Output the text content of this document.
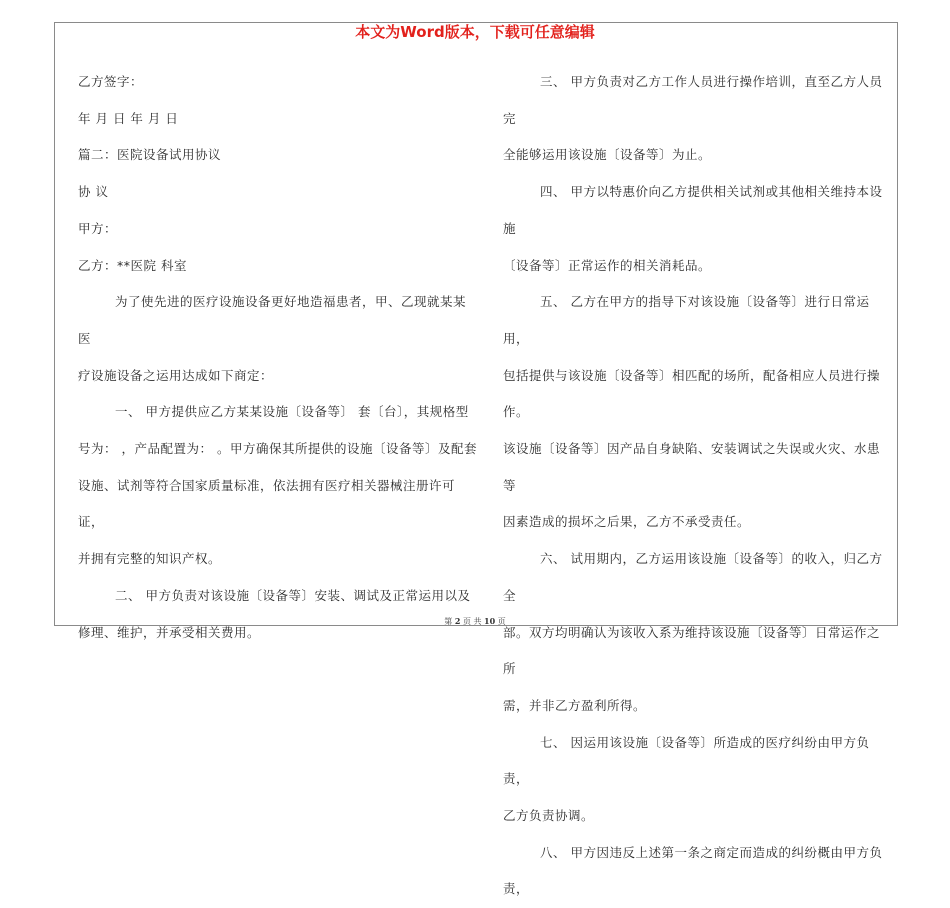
本文为Word版本，下载可任意编辑

乙方签字：

年 月 日 年 月 日

篇二：医院设备试用协议

协 议

甲方：

乙方：**医院 科室

为了使先进的医疗设施设备更好地造福患者，甲、乙现就某某医

疗设施设备之运用达成如下商定：

一、 甲方提供应乙方某某设施〔设备等〕 套〔台〕，其规格型

号为： ，产品配置为： 。甲方确保其所提供的设施〔设备等〕及配套

设施、试剂等符合国家质量标准，依法拥有医疗相关器械注册许可证，

并拥有完整的知识产权。

二、 甲方负责对该设施〔设备等〕安装、调试及正常运用以及

修理、维护，并承受相关费用。

三、 甲方负责对乙方工作人员进行操作培训，直至乙方人员完

全能够运用该设施〔设备等〕为止。

四、 甲方以特惠价向乙方提供相关试剂或其他相关维持本设施

〔设备等〕正常运作的相关消耗品。

五、 乙方在甲方的指导下对该设施〔设备等〕进行日常运用，

包括提供与该设施〔设备等〕相匹配的场所，配备相应人员进行操作。

该设施〔设备等〕因产品自身缺陷、安装调试之失误或火灾、水患等

因素造成的损坏之后果，乙方不承受责任。

六、 试用期内，乙方运用该设施〔设备等〕的收入，归乙方全

部。双方均明确认为该收入系为维持该设施〔设备等〕日常运作之所

需，并非乙方盈利所得。

七、 因运用该设施〔设备等〕所造成的医疗纠纷由甲方负责，

乙方负责协调。

八、 甲方因违反上述第一条之商定而造成的纠纷概由甲方负责，

第 2 页 共 10 页
